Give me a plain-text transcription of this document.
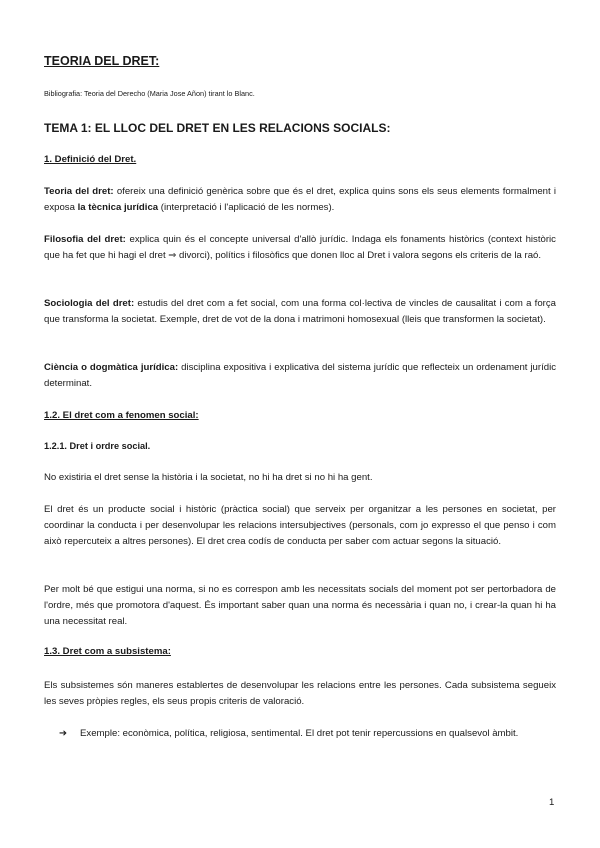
TEORIA DEL DRET:

Bibliografia: Teoria del Derecho (Maria Jose Añon) tirant lo Blanc.

TEMA 1: EL LLOC DEL DRET EN LES RELACIONS SOCIALS:
1. Definició del Dret.

Teoria del dret: ofereix una definició genèrica sobre que és el dret, explica quins sons els seus elements formalment i exposa la tècnica jurídica (interpretació i l'aplicació de les normes).

Filosofia del dret: explica quin és el concepte universal d'allò jurídic. Indaga els fonaments històrics (context històric que ha fet que hi hagi el dret ⇒ divorci), polítics i filosòfics que donen lloc al Dret i valora segons els criteris de la raó.

Sociologia del dret: estudis del dret com a fet social, com una forma col·lectiva de vincles de causalitat i com a força que transforma la societat. Exemple, dret de vot de la dona i matrimoni homosexual (lleis que transformen la societat).

Ciència o dogmàtica jurídica: disciplina expositiva i explicativa del sistema jurídic que reflecteix un ordenament jurídic determinat.

1.2. El dret com a fenomen social:
1.2.1. Dret i ordre social.

No existiria el dret sense la història i la societat, no hi ha dret si no hi ha gent.

El dret és un producte social i històric (pràctica social) que serveix per organitzar a les persones en societat, per coordinar la conducta i per desenvolupar les relacions intersubjectives (personals, com jo expresso el que penso i com això repercuteix a altres persones). El dret crea codís de conducta per saber com actuar segons la situació.

Per molt bé que estigui una norma, si no es correspon amb les necessitats socials del moment pot ser pertorbadora de l'ordre, més que promotora d'aquest. És important saber quan una norma és necessària i quan no, i crear-la quan hi ha una necessitat real.

1.3. Dret com a subsistema:

Els subsistemes són maneres establertes de desenvolupar les relacions entre les persones. Cada subsistema segueix les seves pròpies regles, els seus propis criteris de valoració.

➔	Exemple: econòmica, política, religiosa, sentimental. El dret pot tenir repercussions en qualsevol àmbit.
1
